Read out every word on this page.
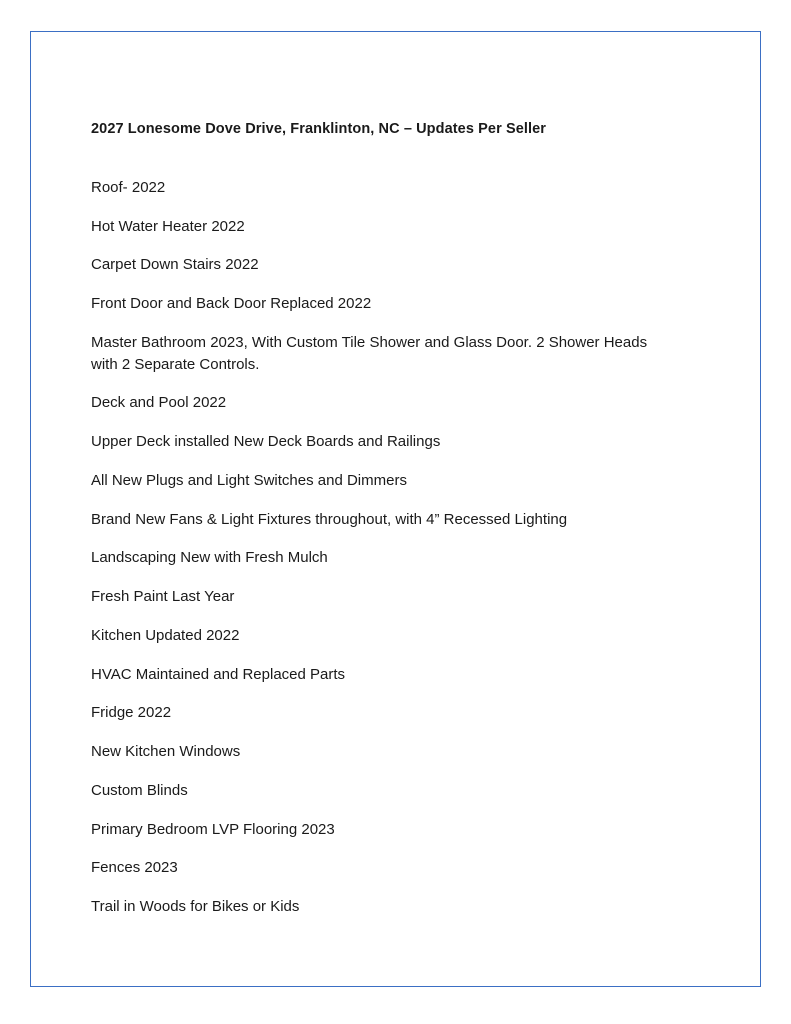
2027 Lonesome Dove Drive, Franklinton, NC – Updates Per Seller
Roof- 2022
Hot Water Heater 2022
Carpet Down Stairs 2022
Front Door and Back Door Replaced 2022
Master Bathroom 2023, With Custom Tile Shower and Glass Door. 2 Shower Heads with 2 Separate Controls.
Deck and Pool 2022
Upper Deck installed New Deck Boards and Railings
All New Plugs and Light Switches and Dimmers
Brand New Fans & Light Fixtures throughout, with 4” Recessed Lighting
Landscaping New with Fresh Mulch
Fresh Paint Last Year
Kitchen Updated 2022
HVAC Maintained and Replaced Parts
Fridge 2022
New Kitchen Windows
Custom Blinds
Primary Bedroom LVP Flooring 2023
Fences 2023
Trail in Woods for Bikes or Kids
